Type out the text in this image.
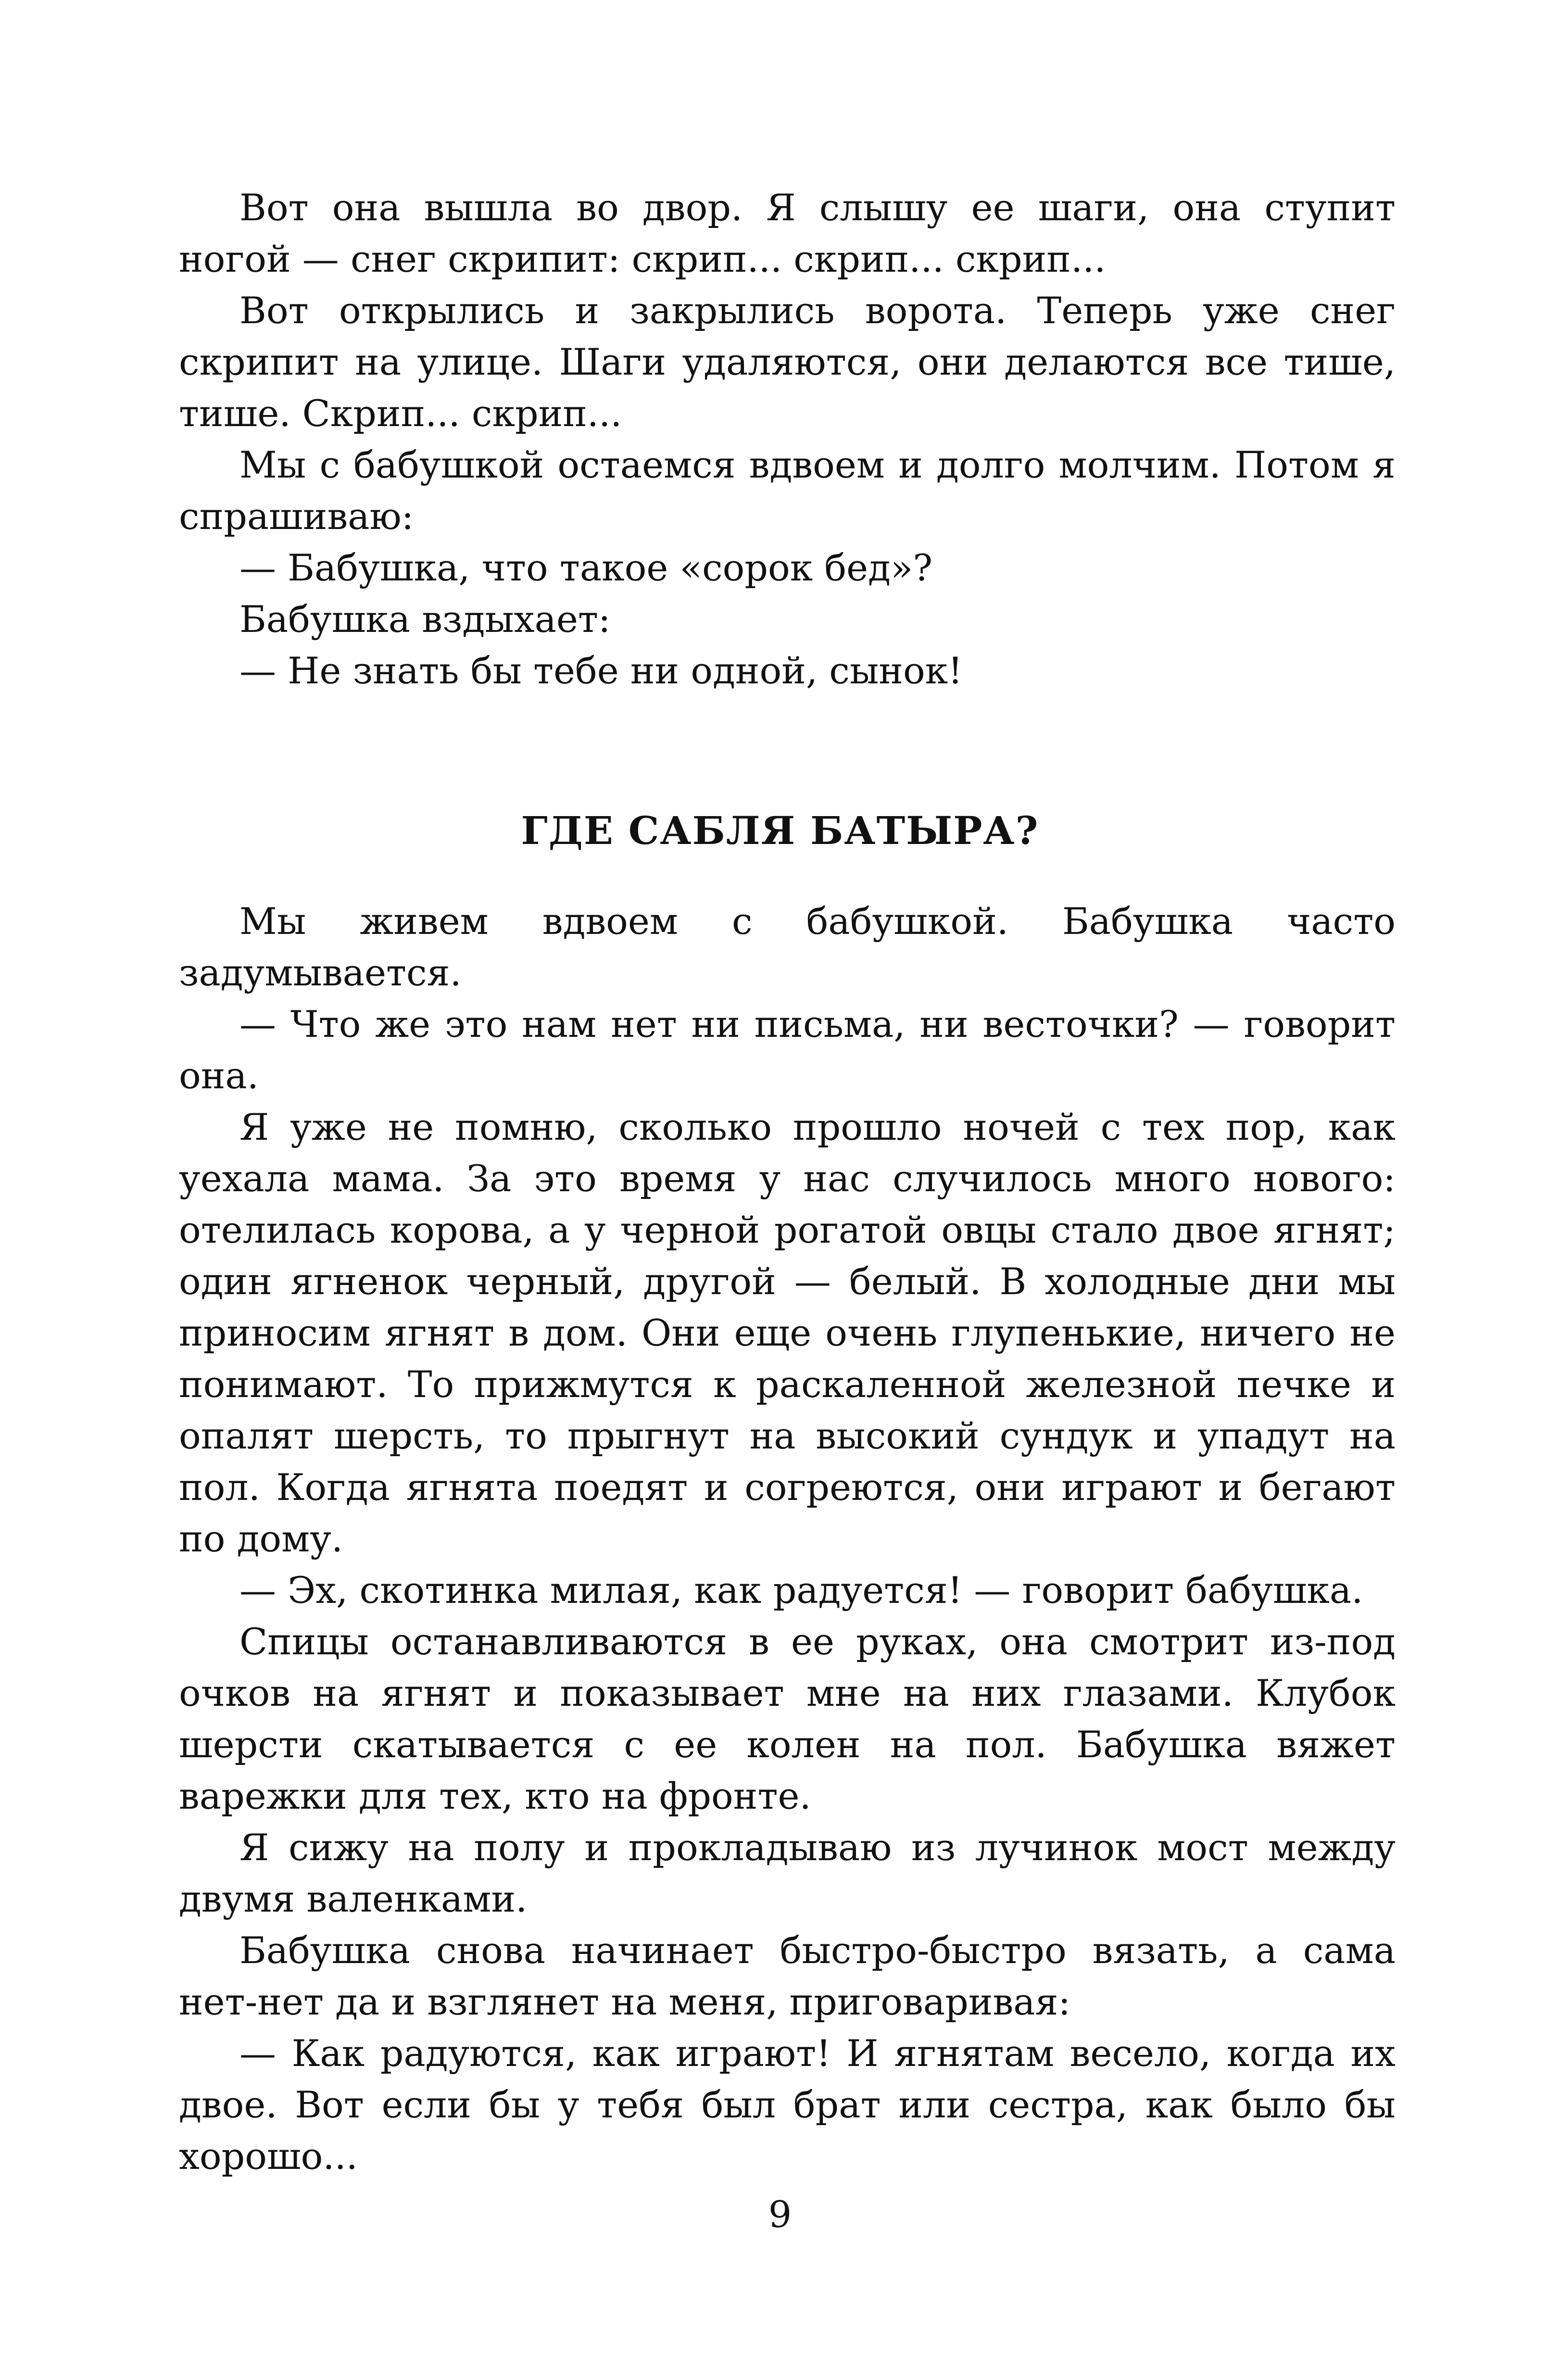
Вот она вышла во двор. Я слышу ее шаги, она ступит ногой — снег скрипит: скрип... скрип... скрип...

Вот открылись и закрылись ворота. Теперь уже снег скрипит на улице. Шаги удаляются, они делаются все тише, тише. Скрип... скрип...

Мы с бабушкой остаемся вдвоем и долго молчим. Потом я спрашиваю:

— Бабушка, что такое «сорок бед»?

Бабушка вздыхает:

— Не знать бы тебе ни одной, сынок!

ГДЕ САБЛЯ БАТЫРА?

Мы живем вдвоем с бабушкой. Бабушка часто задумывается.

— Что же это нам нет ни письма, ни весточки? — говорит она.

Я уже не помню, сколько прошло ночей с тех пор, как уехала мама. За это время у нас случилось много нового: отелилась корова, а у черной рогатой овцы стало двое ягнят; один ягненок черный, другой — белый. В холодные дни мы приносим ягнят в дом. Они еще очень глупенькие, ничего не понимают. То прижмутся к раскаленной железной печке и опалят шерсть, то прыгнут на высокий сундук и упадут на пол. Когда ягнята поедят и согреются, они играют и бегают по дому.

— Эх, скотинка милая, как радуется! — говорит бабушка.

Спицы останавливаются в ее руках, она смотрит из-под очков на ягнят и показывает мне на них глазами. Клубок шерсти скатывается с ее колен на пол. Бабушка вяжет варежки для тех, кто на фронте.

Я сижу на полу и прокладываю из лучинок мост между двумя валенками.

Бабушка снова начинает быстро-быстро вязать, а сама нет-нет да и взглянет на меня, приговаривая:

— Как радуются, как играют! И ягнятам весело, когда их двое. Вот если бы у тебя был брат или сестра, как было бы хорошо...

9
